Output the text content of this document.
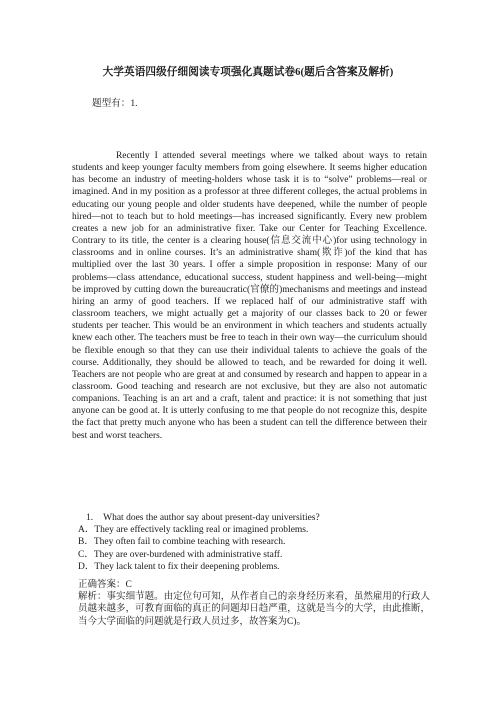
大学英语四级仔细阅读专项强化真题试卷6(题后含答案及解析)
题型有：1.

Recently I attended several meetings where we talked about ways to retain students and keep younger faculty members from going elsewhere. It seems higher education has become an industry of meeting-holders whose task it is to “solve” problems—real or imagined. And in my position as a professor at three different colleges, the actual problems in educating our young people and older students have deepened, while the number of people hired—not to teach but to hold meetings—has increased significantly. Every new problem creates a new job for an administrative fixer. Take our Center for Teaching Excellence. Contrary to its title, the center is a clearing house(信息交流中心)for using technology in classrooms and in online courses. It’s an administrative sham(欺诈)of the kind that has multiplied over the last 30 years. I offer a simple proposition in response: Many of our problems—class attendance, educational success, student happiness and well-being—might be improved by cutting down the bureaucratic(官僚的)mechanisms and meetings and instead hiring an army of good teachers. If we replaced half of our administrative staff with classroom teachers, we might actually get a majority of our classes back to 20 or fewer students per teacher. This would be an environment in which teachers and students actually knew each other. The teachers must be free to teach in their own way—the curriculum should be flexible enough so that they can use their individual talents to achieve the goals of the course. Additionally, they should be allowed to teach, and be rewarded for doing it well. Teachers are not people who are great at and consumed by research and happen to appear in a classroom. Good teaching and research are not exclusive, but they are also not automatic companions. Teaching is an art and a craft, talent and practice: it is not something that just anyone can be good at. It is utterly confusing to me that people do not recognize this, despite the fact that pretty much anyone who has been a student can tell the difference between their best and worst teachers.

1. What does the author say about present-day universities?

A．They are effectively tackling real or imagined problems.

B．They often fail to combine teaching with research.

C．They are over-burdened with administrative staff.

D．They lack talent to fix their deepening problems.

正确答案：C

解析：事实细节题。由定位句可知，从作者自己的亲身经历来看，虽然雇用的行政人员越来越多，可教育面临的真正的问题却日趋严重，这就是当今的大学，由此推断，当今大学面临的问题就是行政人员过多，故答案为C)。
